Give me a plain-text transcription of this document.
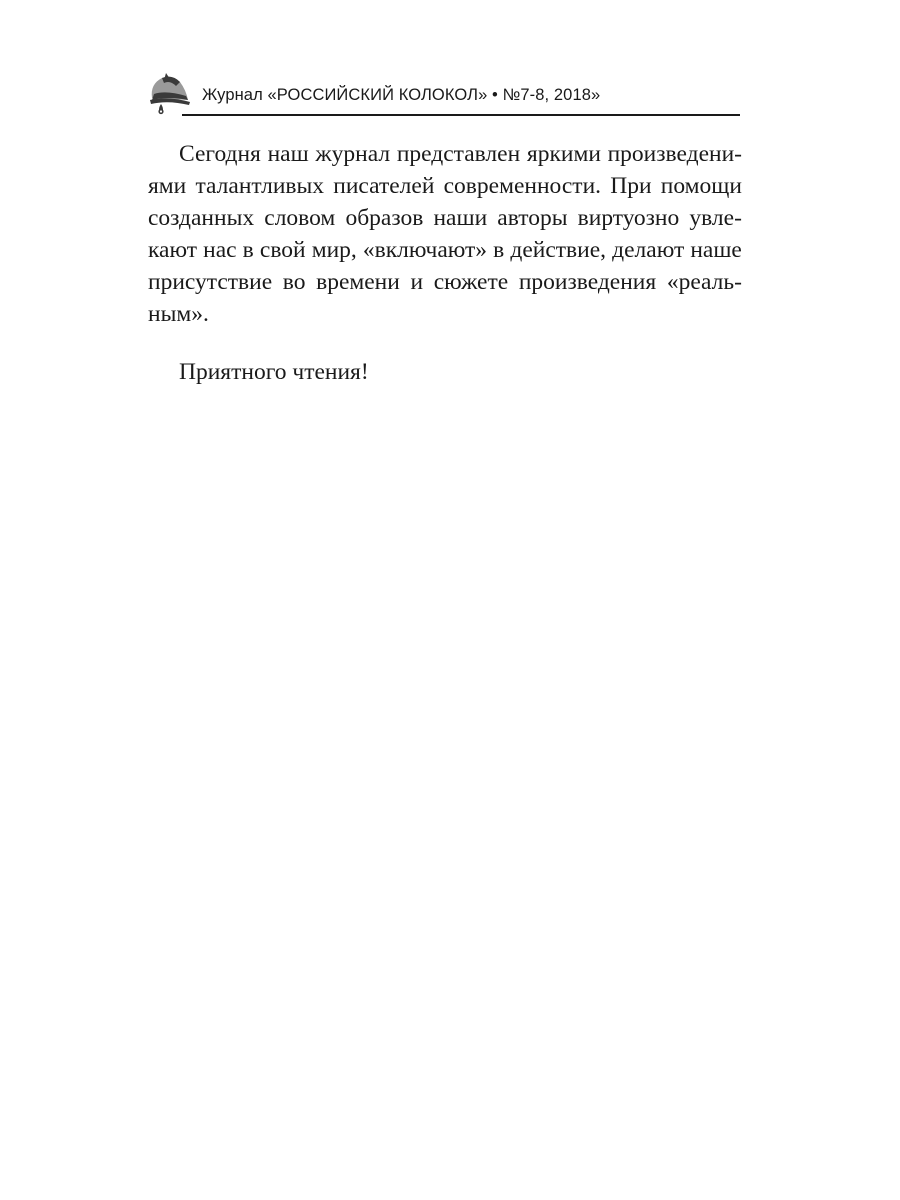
Журнал «РОССИЙСКИЙ КОЛОКОЛ» • №7-8, 2018»
Сегодня наш журнал представлен яркими произведени-
ями талантливых писателей современности. При помощи
созданных словом образов наши авторы виртуозно увле-
кают нас в свой мир, «включают» в действие, делают наше
присутствие во времени и сюжете произведения «реаль-
ным».
Приятного чтения!
